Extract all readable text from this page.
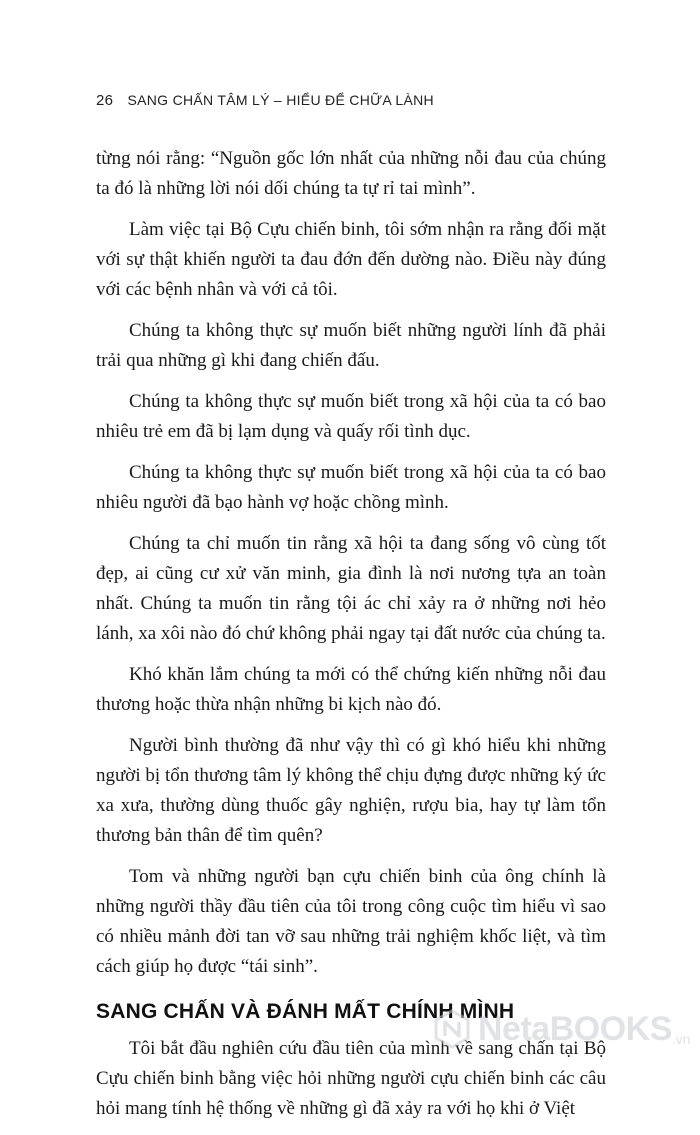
26 SANG CHẤN TÂM LÝ – HIỂU ĐỂ CHỮA LÀNH

từng nói rằng: “Nguồn gốc lớn nhất của những nỗi đau của chúng ta đó là những lời nói dối chúng ta tự rỉ tai mình”.

Làm việc tại Bộ Cựu chiến binh, tôi sớm nhận ra rằng đối mặt với sự thật khiến người ta đau đớn đến dường nào. Điều này đúng với các bệnh nhân và với cả tôi.

Chúng ta không thực sự muốn biết những người lính đã phải trải qua những gì khi đang chiến đấu.

Chúng ta không thực sự muốn biết trong xã hội của ta có bao nhiêu trẻ em đã bị lạm dụng và quấy rối tình dục.

Chúng ta không thực sự muốn biết trong xã hội của ta có bao nhiêu người đã bạo hành vợ hoặc chồng mình.

Chúng ta chỉ muốn tin rằng xã hội ta đang sống vô cùng tốt đẹp, ai cũng cư xử văn minh, gia đình là nơi nương tựa an toàn nhất. Chúng ta muốn tin rằng tội ác chỉ xảy ra ở những nơi hẻo lánh, xa xôi nào đó chứ không phải ngay tại đất nước của chúng ta.

Khó khăn lắm chúng ta mới có thể chứng kiến những nỗi đau thương hoặc thừa nhận những bi kịch nào đó.

Người bình thường đã như vậy thì có gì khó hiểu khi những người bị tổn thương tâm lý không thể chịu đựng được những ký ức xa xưa, thường dùng thuốc gây nghiện, rượu bia, hay tự làm tổn thương bản thân để tìm quên?

Tom và những người bạn cựu chiến binh của ông chính là những người thầy đầu tiên của tôi trong công cuộc tìm hiểu vì sao có nhiều mảnh đời tan vỡ sau những trải nghiệm khốc liệt, và tìm cách giúp họ được “tái sinh”.

SANG CHẤN VÀ ĐÁNH MẤT CHÍNH MÌNH

Tôi bắt đầu nghiên cứu đầu tiên của mình về sang chấn tại Bộ Cựu chiến binh bằng việc hỏi những người cựu chiến binh các câu hỏi mang tính hệ thống về những gì đã xảy ra với họ khi ở Việt

NetaBOOKS .vn
